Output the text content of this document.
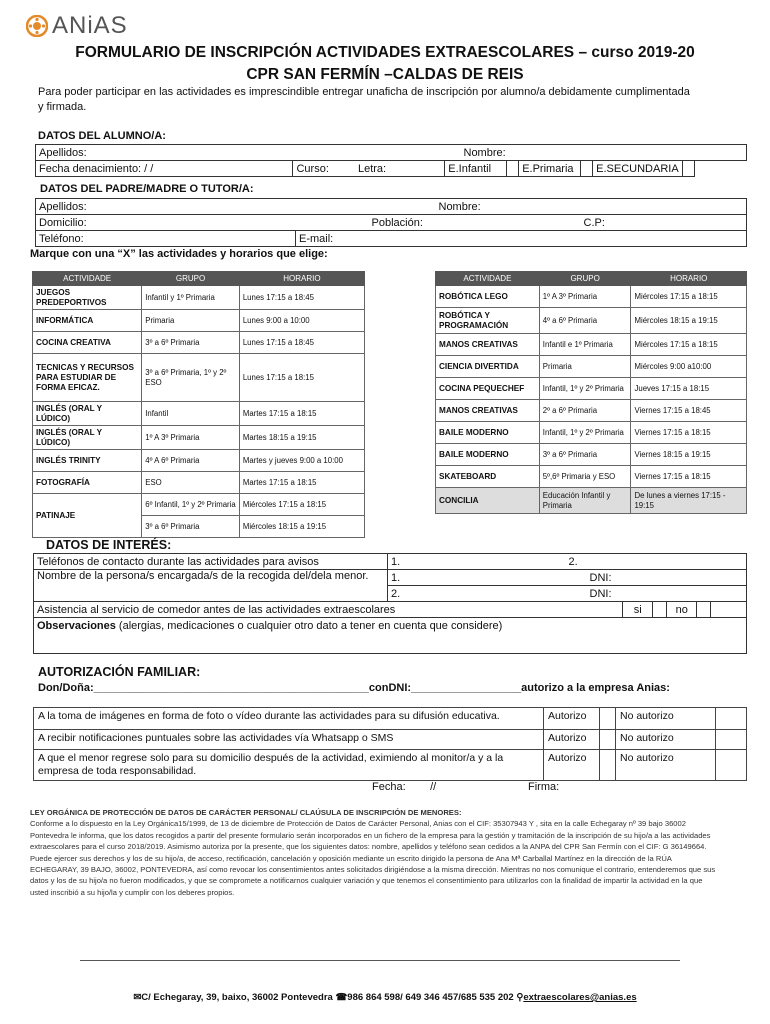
ANiAS
FORMULARIO DE INSCRIPCIÓN ACTIVIDADES EXTRAESCOLARES – curso 2019-20
CPR SAN FERMÍN –CALDAS DE REIS
Para poder participar en las actividades es imprescindible entregar unaficha de inscripción por alumno/a debidamente cumplimentada y firmada.
DATOS DEL ALUMNO/A:
Apellidos:	Nombre:

Fecha denacimiento: / /	Curso:	Letra:	E.Infantil		E.Primaria		E.SECUNDARIA		
DATOS DEL PADRE/MADRE O TUTOR/A:
Apellidos:	Nombre:

Domicilio:	Población:	C.P:

Teléfono:	E-mail:
Marque con una “X” las actividades y horarios que elige:
ACTIVIDADE	GRUPO	HORARIO
JUEGOS PREDEPORTIVOS	Infantil y 1º Primaria	Lunes 17:15 a 18:45
INFORMÁTICA	Primaria	Lunes 9:00 a 10:00
COCINA CREATIVA	3º a 6º Primaria	Lunes 17:15 a 18:45
TECNICAS Y RECURSOS PARA ESTUDIAR DE FORMA EFICAZ.	3º a 6º Primaria, 1º y 2º ESO	Lunes 17:15 a 18:15
INGLÉS (ORAL Y LÚDICO)	Infantil	Martes 17:15 a 18:15
INGLÉS (ORAL Y LÚDICO)	1º A 3º Primaria	Martes 18:15 a 19:15
INGLÉS TRINITY	4º A 6º Primaria	Martes y jueves 9:00 a 10:00
FOTOGRAFÍA	ESO	Martes 17:15 a 18:15
PATINAJE	6º Infantil, 1º y 2º Primaria	Miércoles 17:15 a 18:15
	3º a 6º Primaria	Miércoles 18:15 a 19:15
ACTIVIDADE	GRUPO	HORARIO
ROBÓTICA LEGO	1º A 3º Primaria	Miércoles 17:15 a 18:15
ROBÓTICA Y PROGRAMACIÓN	4º a 6º Primaria	Miércoles 18:15 a 19:15
MANOS CREATIVAS	Infantil e 1º Primaria	Miércoles 17:15 a 18:15
CIENCIA DIVERTIDA	Primaria	Miércoles 9:00 a10:00
COCINA PEQUECHEF	Infantil, 1º y 2º Primaria	Jueves 17:15 a 18:15
MANOS CREATIVAS	2º a 6º Primaria	Viernes 17:15 a 18:45
BAILE MODERNO	Infantil, 1º y 2º Primaria	Viernes 17:15 a 18:15
BAILE MODERNO	3º a 6º Primaria	Viernes 18:15 a 19:15
SKATEBOARD	5º,6º Primaria y ESO	Viernes 17:15 a 18:15
CONCILIA	Educación Infantil y Primaria	De lunes a viernes 17:15 - 19:15
DATOS DE INTERÉS:
Teléfonos de contacto durante las actividades para avisos	1. 2.					

Nombre de la persona/s encargada/s de la recogida del/dela menor.	1. DNI:					

	2. DNI:					

Asistencia al servicio de comedor antes de las actividades extraescolares		si		no		
Observaciones (alergias, medicaciones o cualquier otro dato a tener en cuenta que considere)						
AUTORIZACIÓN FAMILIAR:
Don/Doña:_____________________________________________conDNI:__________________autorizo a la empresa Anias:
A la toma de imágenes en forma de foto o vídeo durante las actividades para su difusión educativa.	Autorizo		No autorizo	
A recibir notificaciones puntuales sobre las actividades vía Whatsapp o SMS	Autorizo		No autorizo	
A que el menor regrese solo para su domicilio después de la actividad, eximiendo al monitor/a y a la empresa de toda responsabilidad.	Autorizo		No autorizo	
Fecha:        //	Firma:
LEY ORGÁNICA DE PROTECCIÓN DE DATOS DE CARÁCTER PERSONAL/ CLAÚSULA DE INSCRIPCIÓN DE MENORES:
Conforme a lo dispuesto en la Ley Orgánica15/1999, de 13 de diciembre de Protección de Datos de Carácter Personal, Anias con el CIF: 35307943 Y , sita en la calle Echegaray nº 39 bajo 36002 Pontevedra le informa, que los datos recogidos a partir del presente formulario serán incorporados en un fichero de la empresa para la gestión y tramitación de la inscripción de su hijo/a a las actividades extraescolares para el curso 2018/2019. Asimismo autoriza por la presente, que los siguientes datos: nombre, apellidos y teléfono sean cedidos a la ANPA del CPR San Fermín con el CIF: G 36149664. Puede ejercer sus derechos y los de su hijo/a, de acceso, rectificación, cancelación y oposición mediante un escrito dirigido la persona de Ana Mª Carballal Martínez en la dirección de la RÚA ECHEGARAY, 39 BAJO, 36002, PONTEVEDRA, así como revocar los consentimientos antes solicitados dirigiéndose a la misma dirección. Mientras no nos comunique el contrario, entenderemos que sus datos y los de su hijo/a no fueron modificados, y que se compromete a notificarnos cualquier variación y que tenemos el consentimiento para utilizarlos con la finalidad de impartir la actividad en la que usted inscribió a su hijo/la y cumplir con los deberes propios.
✉C/ Echegaray, 39, baixo, 36002 Pontevedra ☎986 864 598/ 649 346 457/685 535 202 ⚲extraescolares@anias.es
